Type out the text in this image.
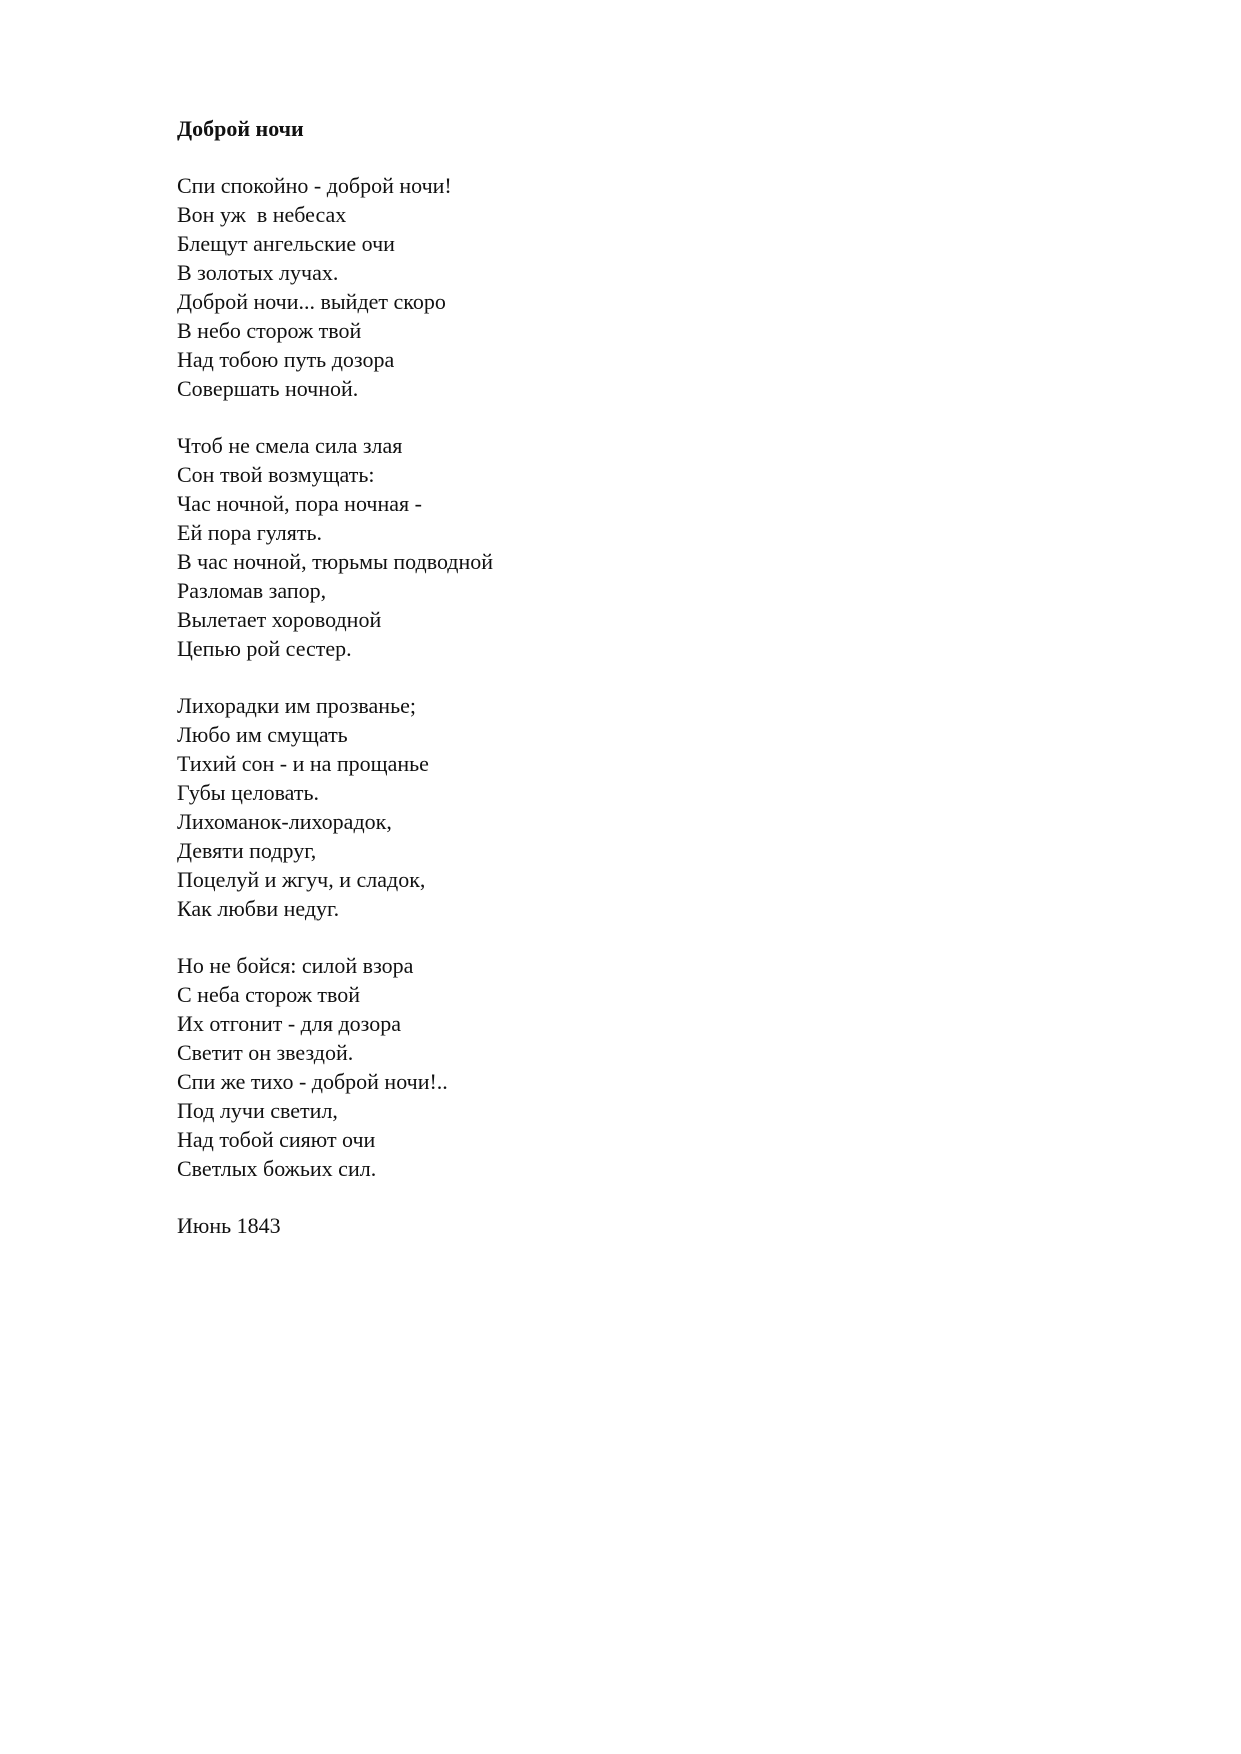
Доброй ночи
Спи спокойно - доброй ночи!
Вон уж  в небесах
Блещут ангельские очи
В золотых лучах.
Доброй ночи... выйдет скоро
В небо сторож твой
Над тобою путь дозора
Совершать ночной.
Чтоб не смела сила злая
Сон твой возмущать:
Час ночной, пора ночная -
Ей пора гулять.
В час ночной, тюрьмы подводной
Разломав запор,
Вылетает хороводной
Цепью рой сестер.
Лихорадки им прозванье;
Любо им смущать
Тихий сон - и на прощанье
Губы целовать.
Лихоманок-лихорадок,
Девяти подруг,
Поцелуй и жгуч, и сладок,
Как любви недуг.
Но не бойся: силой взора
С неба сторож твой
Их отгонит - для дозора
Светит он звездой.
Спи же тихо - доброй ночи!..
Под лучи светил,
Над тобой сияют очи
Светлых божьих сил.
Июнь 1843
